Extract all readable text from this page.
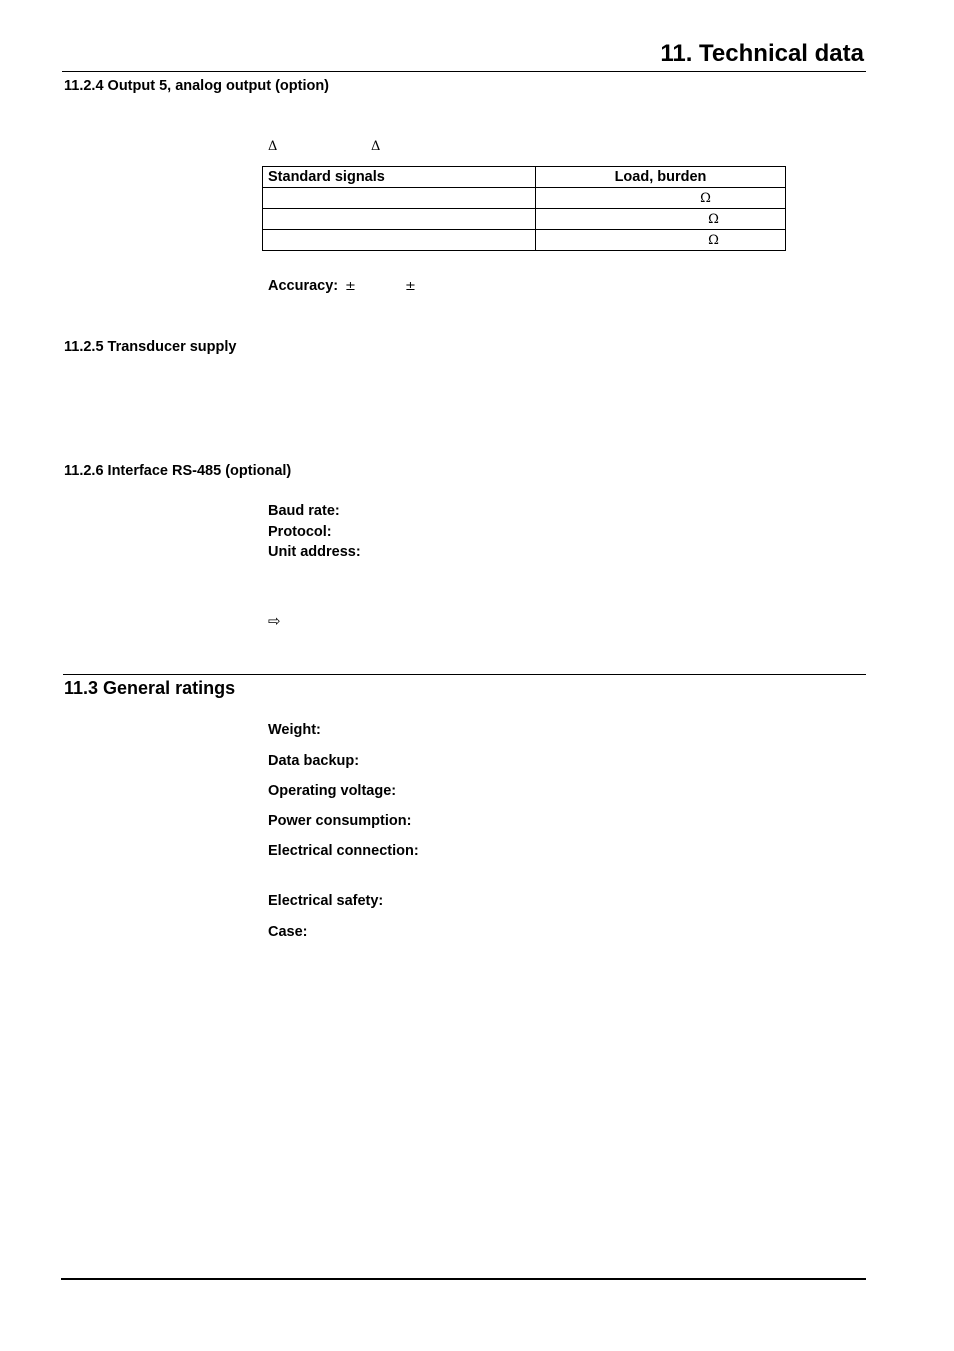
11. Technical data
11.2.4 Output 5, analog output (option)
Δ	Δ
Standard signals	Load, burden
	Ω
	Ω
	Ω
Accuracy: ±	±
11.2.5 Transducer supply
11.2.6 Interface RS-485 (optional)
Baud rate:
Protocol:
Unit address:
⇨
11.3 General ratings
Weight:
Data backup:
Operating voltage:
Power consumption:
Electrical connection:
Electrical safety:
Case:
